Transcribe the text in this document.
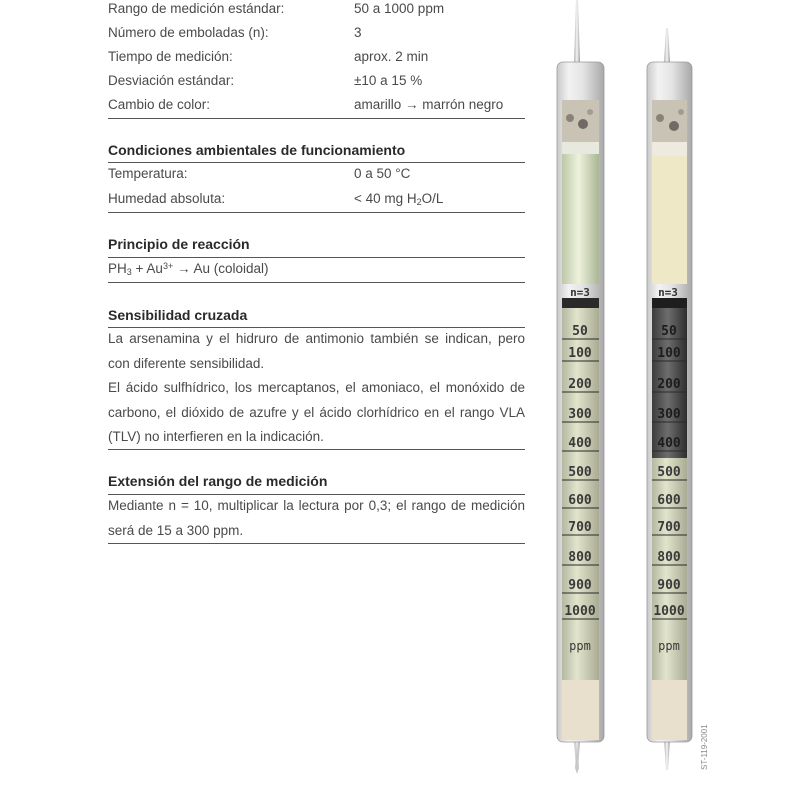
Rango de medición estándar:	50 a 1000 ppm
Número de emboladas (n):	3
Tiempo de medición:	aprox. 2 min
Desviación estándar:	±10 a 15 %
Cambio de color:	amarillo → marrón negro
Condiciones ambientales de funcionamiento
Temperatura:	0 a 50 °C
Humedad absoluta:	< 40 mg $H_2O/L$
Principio de reacción
$PH_3 + Au^{3+} \to Au$ (coloidal)
Sensibilidad cruzada

La arsenamina y el hidruro de antimonio también se indican, pero con diferente sensibilidad.

El ácido sulfhídrico, los mercaptanos, el amoniaco, el monóxido de carbono, el dióxido de azufre y el ácido clorhídrico en el rango VLA (TLV) no interfieren en la indicación.

Extensión del rango de medición
Mediante n = 10, multiplicar la lectura por 0,3; el rango de medición será de 15 a 300 ppm.
n=3
50
100
200
300
400
500
600
700
800
900
1000
ppm
n=3
50
100
200
300
400
500
600
700
800
900
1000
ppm
ST-119-2001
